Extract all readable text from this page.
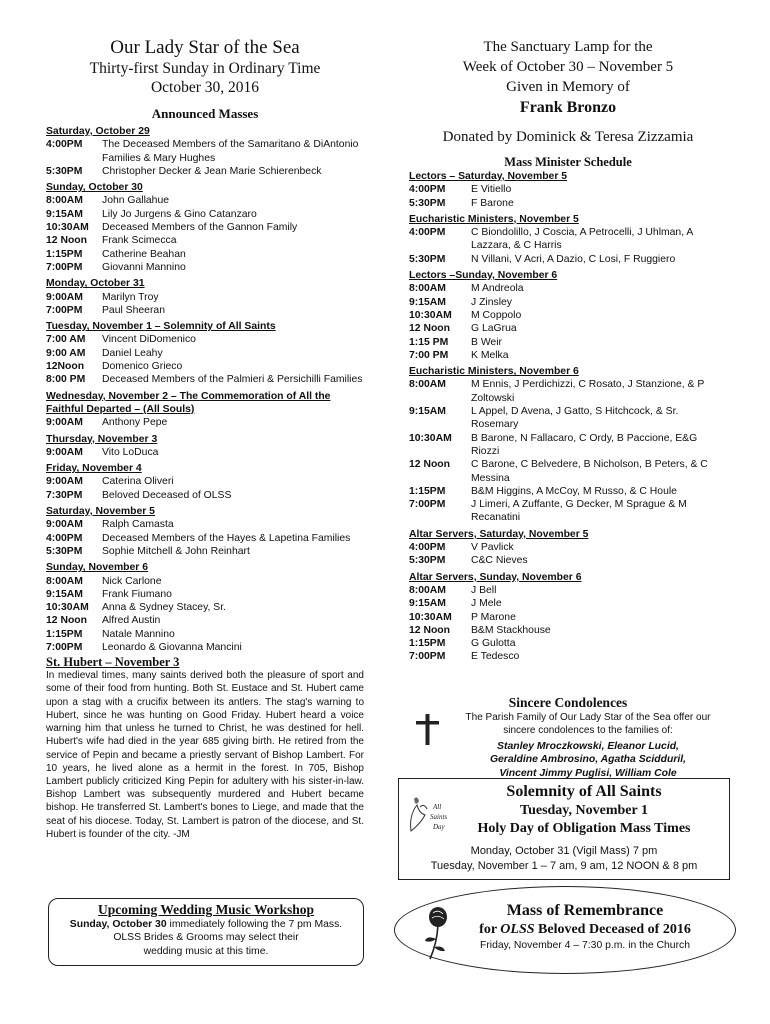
Our Lady Star of the Sea
Thirty-first Sunday in Ordinary Time
October 30, 2016
Announced Masses
Saturday, October 29
4:00PM	The Deceased Members of the Samaritano & DiAntonio Families & Mary Hughes
5:30PM	Christopher Decker & Jean Marie Schierenbeck
Sunday, October 30
8:00AM	John Gallahue
9:15AM	Lily Jo Jurgens & Gino Catanzaro
10:30AM	Deceased Members of the Gannon Family
12 Noon	Frank Scimecca
1:15PM	Catherine Beahan
7:00PM	Giovanni Mannino
Monday, October 31
9:00AM	Marilyn Troy
7:00PM	Paul Sheeran
Tuesday, November 1 – Solemnity of All Saints
7:00 AM	Vincent DiDomenico
9:00 AM	Daniel Leahy
12Noon	Domenico Grieco
8:00 PM	Deceased Members of the Palmieri & Persichilli Families
Wednesday, November 2 – The Commemoration of All the Faithful Departed – (All Souls)
9:00AM	Anthony Pepe
Thursday, November 3
9:00AM	Vito LoDuca
Friday, November 4
9:00AM	Caterina Oliveri
7:30PM	Beloved Deceased of OLSS
Saturday, November 5
9:00AM	Ralph Camasta
4:00PM	Deceased Members of the Hayes & Lapetina Families
5:30PM	Sophie Mitchell & John Reinhart
Sunday, November 6
8:00AM	Nick Carlone
9:15AM	Frank Fiumano
10:30AM	Anna & Sydney Stacey, Sr.
12 Noon	Alfred Austin
1:15PM	Natale Mannino
7:00PM	Leonardo & Giovanna Mancini
St. Hubert – November 3
In medieval times, many saints derived both the pleasure of sport and some of their food from hunting. Both St. Eustace and St. Hubert came upon a stag with a crucifix between its antlers. The stag's warning to Hubert, since he was hunting on Good Friday. Hubert heard a voice warning him that unless he turned to Christ, he was destined for hell. Hubert's wife had died in the year 685 giving birth. He retired from the service of Pepin and became a priestly servant of Bishop Lambert. For 10 years, he lived alone as a hermit in the forest. In 705, Bishop Lambert publicly criticized King Pepin for adultery with his sister-in-law. Bishop Lambert was subsequently murdered and Hubert became bishop. He transferred St. Lambert's bones to Liege, and made that the seat of his diocese. Today, St. Lambert is patron of the diocese, and St. Hubert is founder of the city. -JM
Upcoming Wedding Music Workshop
Sunday, October 30 immediately following the 7 pm Mass.
OLSS Brides & Grooms may select their
wedding music at this time.
The Sanctuary Lamp for the
Week of October 30 – November 5
Given in Memory of
Frank Bronzo
Donated by Dominick & Teresa Zizzamia
Mass Minister Schedule
Lectors – Saturday, November 5
4:00PM	E Vitiello
5:30PM	F Barone
Eucharistic Ministers, November 5
4:00PM	C Biondolillo, J Coscia, A Petrocelli, J Uhlman, A Lazzara, & C Harris
5:30PM	N Villani, V Acri, A Dazio, C Losi, F Ruggiero
Lectors –Sunday, November 6
8:00AM	M Andreola
9:15AM	J Zinsley
10:30AM	M Coppolo
12 Noon	G LaGrua
1:15 PM	B Weir
7:00 PM	K Melka
Eucharistic Ministers, November 6
8:00AM	M Ennis, J Perdichizzi, C Rosato, J Stanzione, & P Zoltowski
9:15AM	L Appel, D Avena, J Gatto, S Hitchcock, & Sr. Rosemary
10:30AM	B Barone, N Fallacaro, C Ordy, B Paccione, E&G Riozzi
12 Noon	C Barone, C Belvedere, B Nicholson, B Peters, & C Messina
1:15PM	B&M Higgins, A McCoy, M Russo, & C Houle
7:00PM	J Limeri, A Zuffante, G Decker, M Sprague & M Recanatini
Altar Servers, Saturday, November 5
4:00PM	V Pavlick
5:30PM	C&C Nieves
Altar Servers, Sunday, November 6
8:00AM	J Bell
9:15AM	J Mele
10:30AM	P Marone
12 Noon	B&M Stackhouse
1:15PM	G Gulotta
7:00PM	E Tedesco
Sincere Condolences
The Parish Family of Our Lady Star of the Sea offer our sincere condolences to the families of:
Stanley Mroczkowski, Eleanor Lucid,
Geraldine Ambrosino, Agatha Scidduril,
Vincent Jimmy Puglisi, William Cole
All
Saints
Day
Solemnity of All Saints
Tuesday, November 1
Holy Day of Obligation Mass Times
Monday, October 31 (Vigil Mass) 7 pm
Tuesday, November 1 – 7 am, 9 am, 12 NOON & 8 pm
Mass of Remembrance
for OLSS Beloved Deceased of 2016
Friday, November 4 – 7:30 p.m. in the Church
